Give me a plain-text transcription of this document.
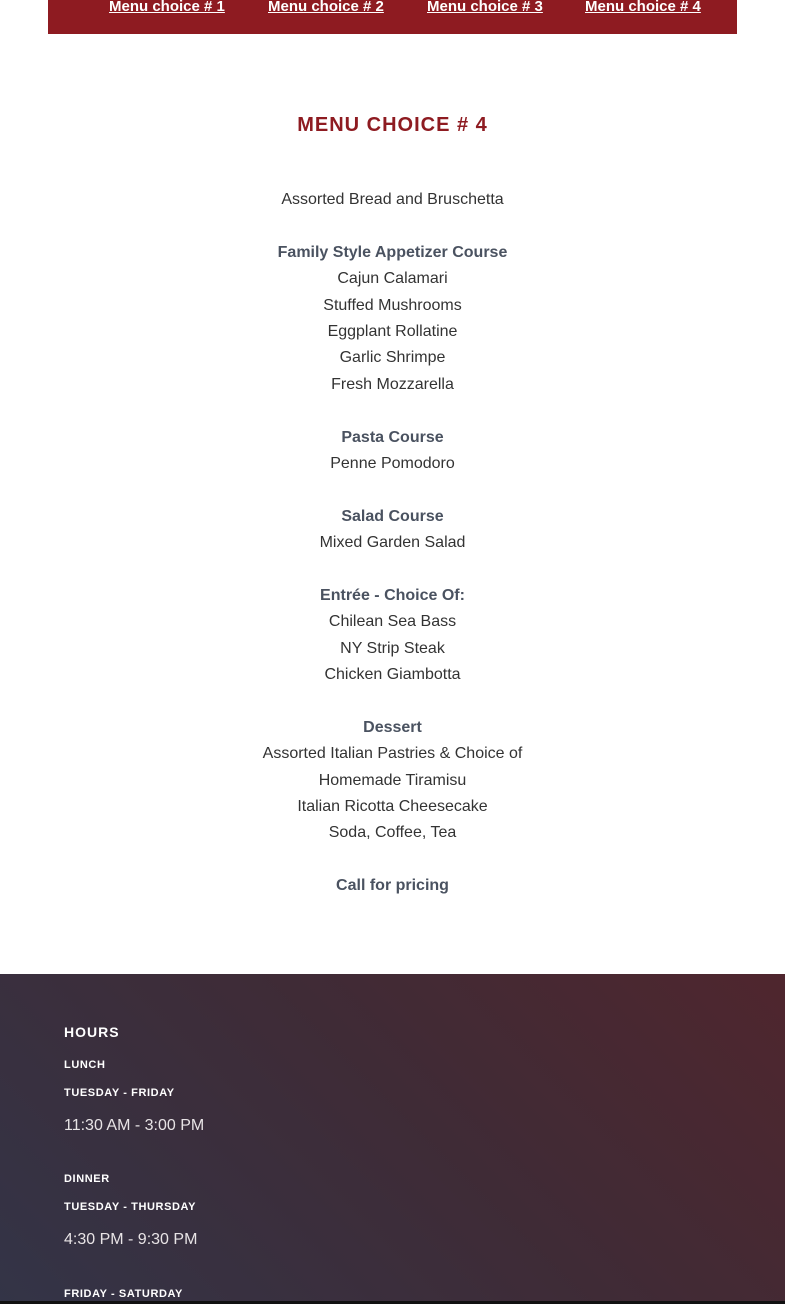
Menu choice # 1	Menu choice # 2	Menu choice # 3	Menu choice # 4
MENU CHOICE # 4
Assorted Bread and Bruschetta
Family Style Appetizer Course
Cajun Calamari
Stuffed Mushrooms
Eggplant Rollatine
Garlic Shrimpe
Fresh Mozzarella
Pasta Course
Penne Pomodoro
Salad Course
Mixed Garden Salad
Entrée - Choice Of:
Chilean Sea Bass
NY Strip Steak
Chicken Giambotta
Dessert
Assorted Italian Pastries & Choice of
Homemade Tiramisu
Italian Ricotta Cheesecake
Soda, Coffee, Tea
Call for pricing
HOURS
LUNCH
TUESDAY - FRIDAY
11:30 AM - 3:00 PM
DINNER
TUESDAY - THURSDAY
4:30 PM - 9:30 PM
FRIDAY - SATURDAY
